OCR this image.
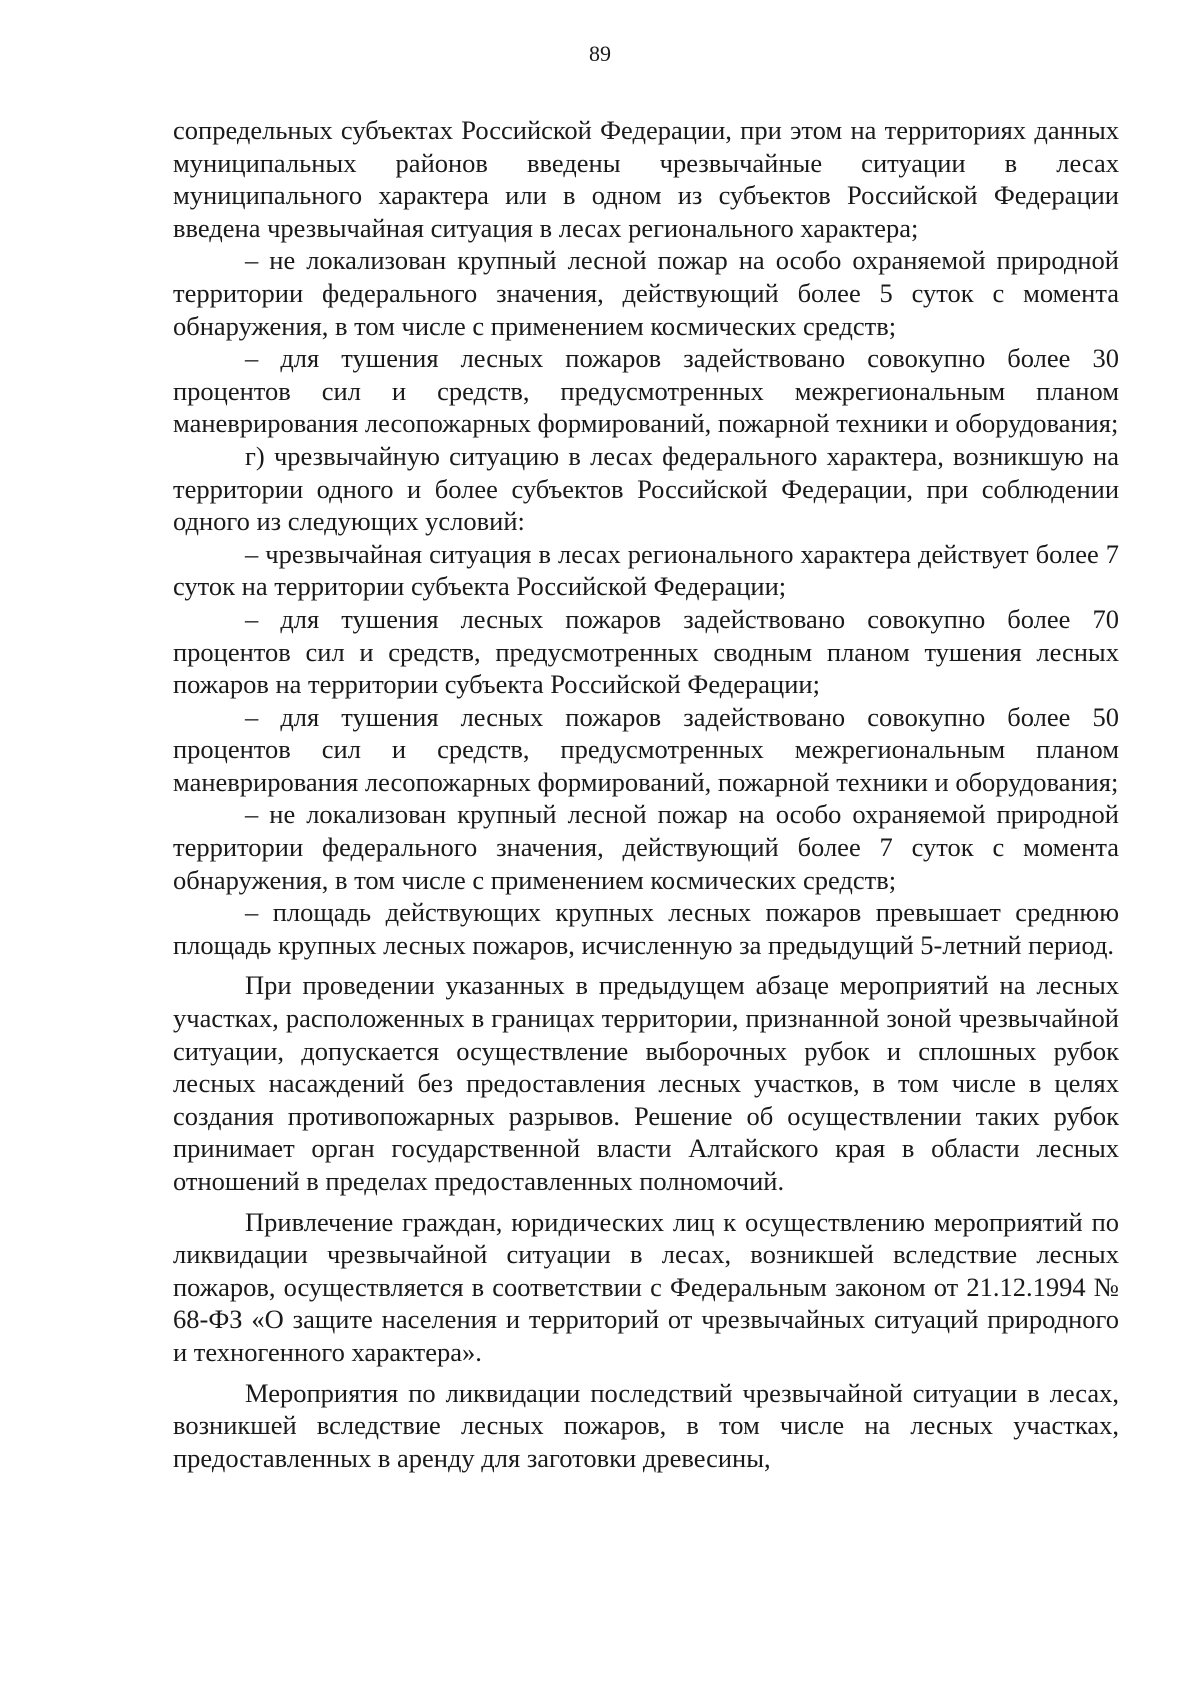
89

сопредельных субъектах Российской Федерации, при этом на территориях данных муниципальных районов введены чрезвычайные ситуации в лесах муниципального характера или в одном из субъектов Российской Федерации введена чрезвычайная ситуация в лесах регионального характера;

– не локализован крупный лесной пожар на особо охраняемой природной территории федерального значения, действующий более 5 суток с момента обнаружения, в том числе с применением космических средств;

– для тушения лесных пожаров задействовано совокупно более 30 процентов сил и средств, предусмотренных межрегиональным планом маневрирования лесопожарных формирований, пожарной техники и оборудования;

г) чрезвычайную ситуацию в лесах федерального характера, возникшую на территории одного и более субъектов Российской Федерации, при соблюдении одного из следующих условий:

– чрезвычайная ситуация в лесах регионального характера действует более 7 суток на территории субъекта Российской Федерации;

– для тушения лесных пожаров задействовано совокупно более 70 процентов сил и средств, предусмотренных сводным планом тушения лесных пожаров на территории субъекта Российской Федерации;

– для тушения лесных пожаров задействовано совокупно более 50 процентов сил и средств, предусмотренных межрегиональным планом маневрирования лесопожарных формирований, пожарной техники и оборудования;

– не локализован крупный лесной пожар на особо охраняемой природной территории федерального значения, действующий более 7 суток с момента обнаружения, в том числе с применением космических средств;

– площадь действующих крупных лесных пожаров превышает среднюю площадь крупных лесных пожаров, исчисленную за предыдущий 5-летний период.

При проведении указанных в предыдущем абзаце мероприятий на лесных участках, расположенных в границах территории, признанной зоной чрезвычайной ситуации, допускается осуществление выборочных рубок и сплошных рубок лесных насаждений без предоставления лесных участков, в том числе в целях создания противопожарных разрывов. Решение об осуществлении таких рубок принимает орган государственной власти Алтайского края в области лесных отношений в пределах предоставленных полномочий.

Привлечение граждан, юридических лиц к осуществлению мероприятий по ликвидации чрезвычайной ситуации в лесах, возникшей вследствие лесных пожаров, осуществляется в соответствии с Федеральным законом от 21.12.1994 № 68-ФЗ «О защите населения и территорий от чрезвычайных ситуаций природного и техногенного характера».

Мероприятия по ликвидации последствий чрезвычайной ситуации в лесах, возникшей вследствие лесных пожаров, в том числе на лесных участках, предоставленных в аренду для заготовки древесины,
